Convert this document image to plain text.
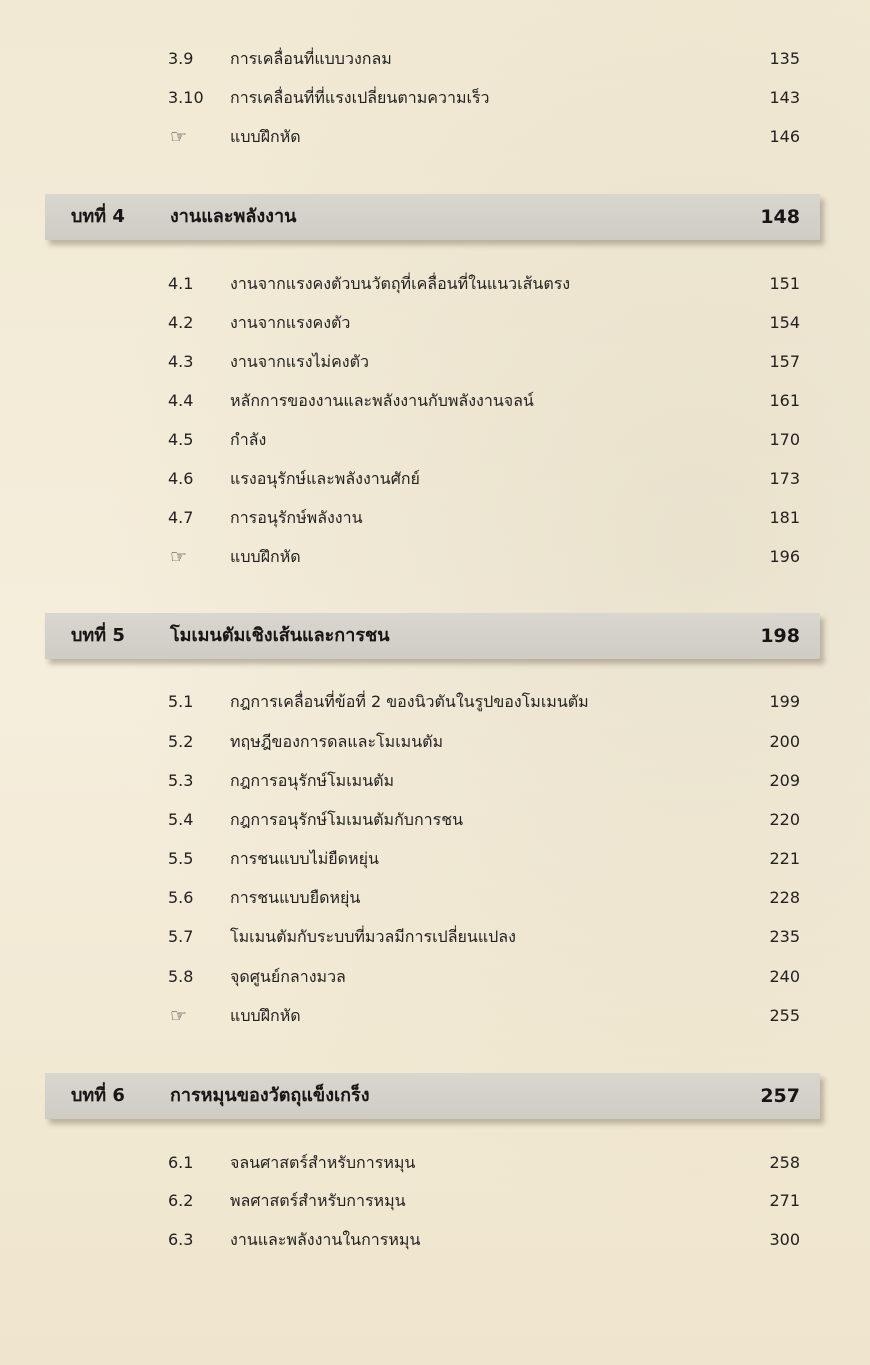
3.9	การเคลื่อนที่แบบวงกลม	135
3.10	การเคลื่อนที่ที่แรงเปลี่ยนตามความเร็ว	143
☞	แบบฝึกหัด	146
บทที่ 4	งานและพลังงาน	148
4.1	งานจากแรงคงตัวบนวัตถุที่เคลื่อนที่ในแนวเส้นตรง	151
4.2	งานจากแรงคงตัว	154
4.3	งานจากแรงไม่คงตัว	157
4.4	หลักการของงานและพลังงานกับพลังงานจลน์	161
4.5	กำลัง	170
4.6	แรงอนุรักษ์และพลังงานศักย์	173
4.7	การอนุรักษ์พลังงาน	181
☞	แบบฝึกหัด	196
บทที่ 5	โมเมนตัมเชิงเส้นและการชน	198
5.1	กฎการเคลื่อนที่ข้อที่ 2 ของนิวตันในรูปของโมเมนตัม	199
5.2	ทฤษฎีของการดลและโมเมนตัม	200
5.3	กฎการอนุรักษ์โมเมนตัม	209
5.4	กฎการอนุรักษ์โมเมนตัมกับการชน	220
5.5	การชนแบบไม่ยืดหยุ่น	221
5.6	การชนแบบยืดหยุ่น	228
5.7	โมเมนตัมกับระบบที่มวลมีการเปลี่ยนแปลง	235
5.8	จุดศูนย์กลางมวล	240
☞	แบบฝึกหัด	255
บทที่ 6	การหมุนของวัตถุแข็งเกร็ง	257
6.1	จลนศาสตร์สำหรับการหมุน	258
6.2	พลศาสตร์สำหรับการหมุน	271
6.3	งานและพลังงานในการหมุน	300
